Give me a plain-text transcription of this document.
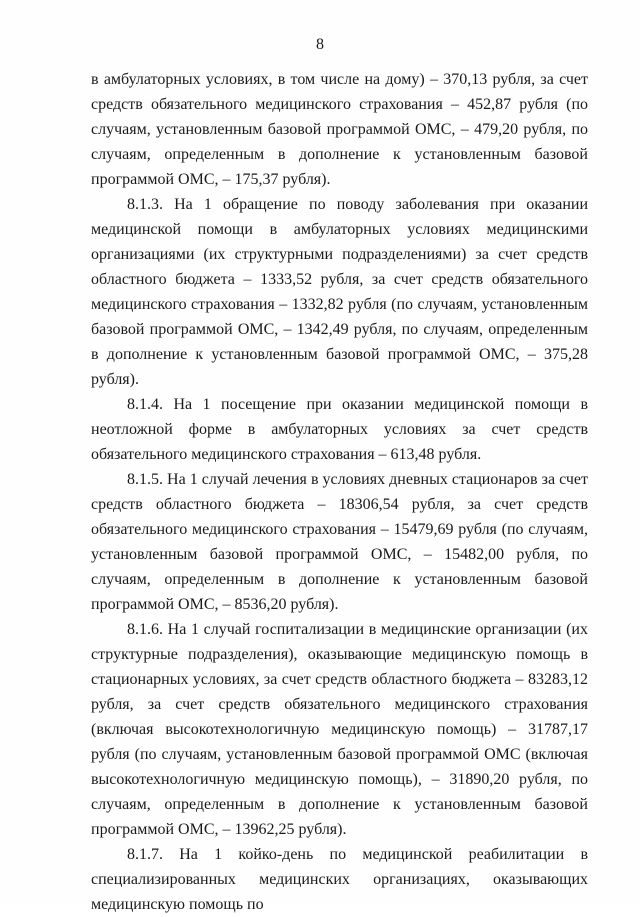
8

в амбулаторных условиях, в том числе на дому) – 370,13 рубля, за счет средств обязательного медицинского страхования – 452,87 рубля (по случаям, установленным базовой программой ОМС, – 479,20 рубля, по случаям, определенным в дополнение к установленным базовой программой ОМС, – 175,37 рубля).

8.1.3. На 1 обращение по поводу заболевания при оказании медицинской помощи в амбулаторных условиях медицинскими организациями (их структурными подразделениями) за счет средств областного бюджета – 1333,52 рубля, за счет средств обязательного медицинского страхования – 1332,82 рубля (по случаям, установленным базовой программой ОМС, – 1342,49 рубля, по случаям, определенным в дополнение к установленным базовой программой ОМС, – 375,28 рубля).

8.1.4. На 1 посещение при оказании медицинской помощи в неотложной форме в амбулаторных условиях за счет средств обязательного медицинского страхования – 613,48 рубля.

8.1.5. На 1 случай лечения в условиях дневных стационаров за счет средств областного бюджета – 18306,54 рубля, за счет средств обязательного медицинского страхования – 15479,69 рубля (по случаям, установленным базовой программой ОМС, – 15482,00 рубля, по случаям, определенным в дополнение к установленным базовой программой ОМС, – 8536,20 рубля).

8.1.6. На 1 случай госпитализации в медицинские организации (их структурные подразделения), оказывающие медицинскую помощь в стационарных условиях, за счет средств областного бюджета – 83283,12 рубля, за счет средств обязательного медицинского страхования (включая высокотехнологичную медицинскую помощь) – 31787,17 рубля (по случаям, установленным базовой программой ОМС (включая высокотехнологичную медицинскую помощь), – 31890,20 рубля, по случаям, определенным в дополнение к установленным базовой программой ОМС, – 13962,25 рубля).

8.1.7. На 1 койко-день по медицинской реабилитации в специализированных медицинских организациях, оказывающих медицинскую помощь по
